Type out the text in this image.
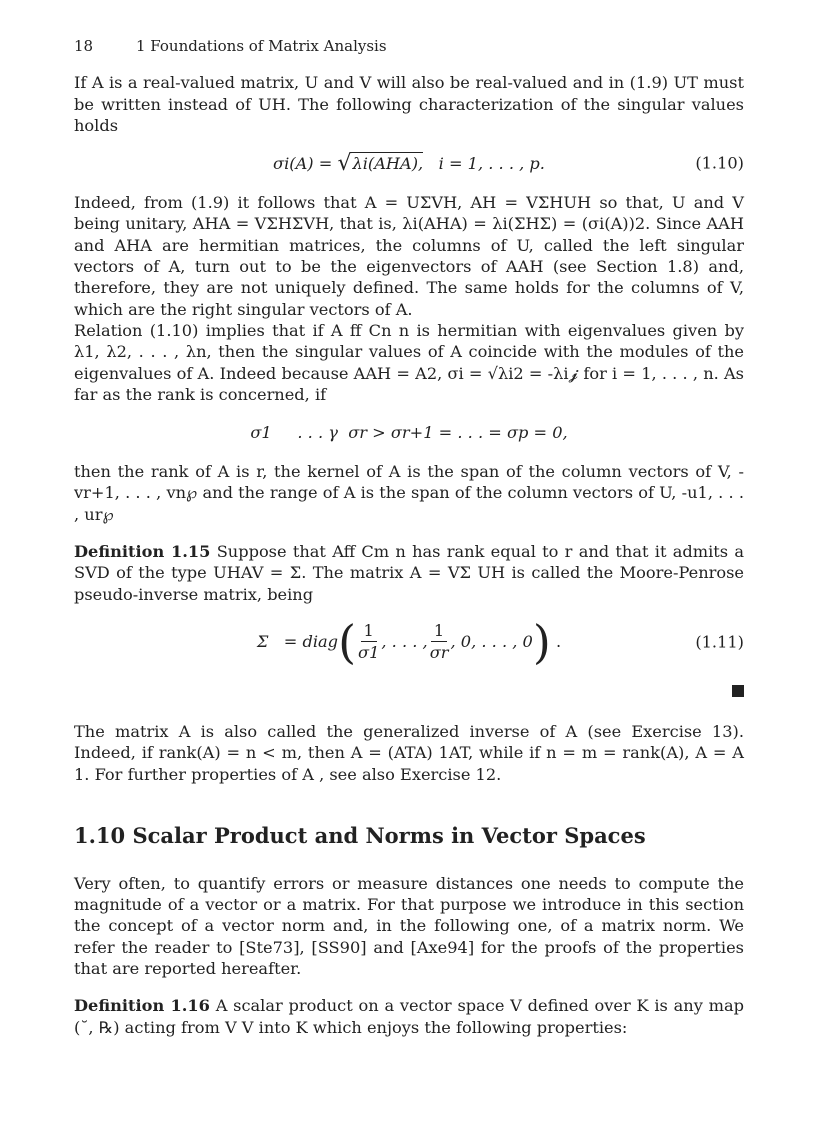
18	1 Foundations of Matrix Analysis

If A is a real-valued matrix, U and V will also be real-valued and in (1.9) UT must be written instead of UH. The following characterization of the singular values holds

σi(A) = √ λi(AHA), i = 1, . . . , p.	(1.10)

Indeed, from (1.9) it follows that A = UΣVH, AH = VΣHUH so that, U and V being unitary, AHA = VΣHΣVH, that is, λi(AHA) = λi(ΣHΣ) = (σi(A))2. Since AAH and AHA are hermitian matrices, the columns of U, called the left singular vectors of A, turn out to be the eigenvectors of AAH (see Section 1.8) and, therefore, they are not uniquely defined. The same holds for the columns of V, which are the right singular vectors of A.

Relation (1.10) implies that if A ff Cn n is hermitian with eigenvalues given by λ1, λ2, . . . , λn, then the singular values of A coincide with the modules of the eigenvalues of A. Indeed because AAH = A2, σi = √λi2 = -λi𝓳 for i = 1, . . . , n. As far as the rank is concerned, if

σ1     . . . γ  σr > σr+1 = . . . = σp = 0,

then the rank of A is r, the kernel of A is the span of the column vectors of V, -vr+1, . . . , vn℘ and the range of A is the span of the column vectors of U, -u1, . . . , ur℘

Definition 1.15 Suppose that Aff Cm n has rank equal to r and that it admits a SVD of the type UHAV = Σ. The matrix A = VΣ UH is called the Moore-Penrose pseudo-inverse matrix, being

Σ   = diag ( $\frac{1}{\sigma 1}$ , . . . , $\frac{1}{\sigma r}$ , 0, . . . , 0 ) .	(1.11)

The matrix A is also called the generalized inverse of A (see Exercise 13). Indeed, if rank(A) = n < m, then A = (ATA) 1AT, while if n = m = rank(A), A = A 1. For further properties of A , see also Exercise 12.

1.10 Scalar Product and Norms in Vector Spaces

Very often, to quantify errors or measure distances one needs to compute the magnitude of a vector or a matrix. For that purpose we introduce in this section the concept of a vector norm and, in the following one, of a matrix norm. We refer the reader to [Ste73], [SS90] and [Axe94] for the proofs of the properties that are reported hereafter.

Definition 1.16 A scalar product on a vector space V defined over K is any map (˘, ℞) acting from V V into K which enjoys the following properties:
